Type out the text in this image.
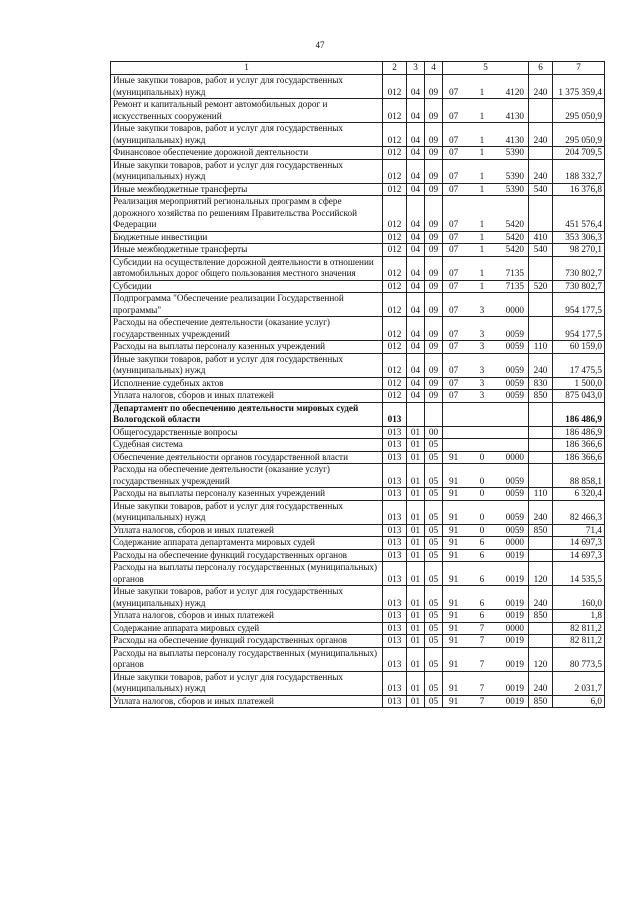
47
1	2	3	4	5	6	7
Иные закупки товаров, работ и услуг для государственных (муниципальных) нужд	012	04	09	07 1 4120	240	1 375 359,4
Ремонт и капитальный ремонт автомобильных дорог и искусственных сооружений	012	04	09	07 1 4130		295 050,9
Иные закупки товаров, работ и услуг для государственных (муниципальных) нужд	012	04	09	07 1 4130	240	295 050,9
Финансовое обеспечение дорожной деятельности	012	04	09	07 1 5390		204 709,5
Иные закупки товаров, работ и услуг для государственных (муниципальных) нужд	012	04	09	07 1 5390	240	188 332,7
Иные межбюджетные трансферты	012	04	09	07 1 5390	540	16 376,8
Реализация мероприятий региональных программ в сфере дорожного хозяйства по решениям Правительства Российской Федерации	012	04	09	07 1 5420		451 576,4
Бюджетные инвестиции	012	04	09	07 1 5420	410	353 306,3
Иные межбюджетные трансферты	012	04	09	07 1 5420	540	98 270,1
Субсидии на осуществление дорожной деятельности в отношении автомобильных дорог общего пользования местного значения	012	04	09	07 1 7135		730 802,7
Субсидии	012	04	09	07 1 7135	520	730 802,7
Подпрограмма "Обеспечение реализации Государственной программы"	012	04	09	07 3 0000		954 177,5
Расходы на обеспечение деятельности (оказание услуг) государственных учреждений	012	04	09	07 3 0059		954 177,5
Расходы на выплаты персоналу казенных учреждений	012	04	09	07 3 0059	110	60 159,0
Иные закупки товаров, работ и услуг для государственных (муниципальных) нужд	012	04	09	07 3 0059	240	17 475,5
Исполнение судебных актов	012	04	09	07 3 0059	830	1 500,0
Уплата налогов, сборов и иных платежей	012	04	09	07 3 0059	850	875 043,0
Департамент по обеспечению деятельности мировых судей Вологодской области	013					186 486,9
Общегосударственные вопросы	013	01	00			186 486,9
Судебная система	013	01	05			186 366,6
Обеспечение деятельности органов государственной власти	013	01	05	91 0 0000		186 366,6
Расходы на обеспечение деятельности (оказание услуг) государственных учреждений	013	01	05	91 0 0059		88 858,1
Расходы на выплаты персоналу казенных учреждений	013	01	05	91 0 0059	110	6 320,4
Иные закупки товаров, работ и услуг для государственных (муниципальных) нужд	013	01	05	91 0 0059	240	82 466,3
Уплата налогов, сборов и иных платежей	013	01	05	91 0 0059	850	71,4
Содержание аппарата департамента мировых судей	013	01	05	91 6 0000		14 697,3
Расходы на обеспечение функций государственных органов	013	01	05	91 6 0019		14 697,3
Расходы на выплаты персоналу государственных (муниципальных) органов	013	01	05	91 6 0019	120	14 535,5
Иные закупки товаров, работ и услуг для государственных (муниципальных) нужд	013	01	05	91 6 0019	240	160,0
Уплата налогов, сборов и иных платежей	013	01	05	91 6 0019	850	1,8
Содержание аппарата мировых судей	013	01	05	91 7 0000		82 811,2
Расходы на обеспечение функций государственных органов	013	01	05	91 7 0019		82 811,2
Расходы на выплаты персоналу государственных (муниципальных) органов	013	01	05	91 7 0019	120	80 773,5
Иные закупки товаров, работ и услуг для государственных (муниципальных) нужд	013	01	05	91 7 0019	240	2 031,7
Уплата налогов, сборов и иных платежей	013	01	05	91 7 0019	850	6,0
